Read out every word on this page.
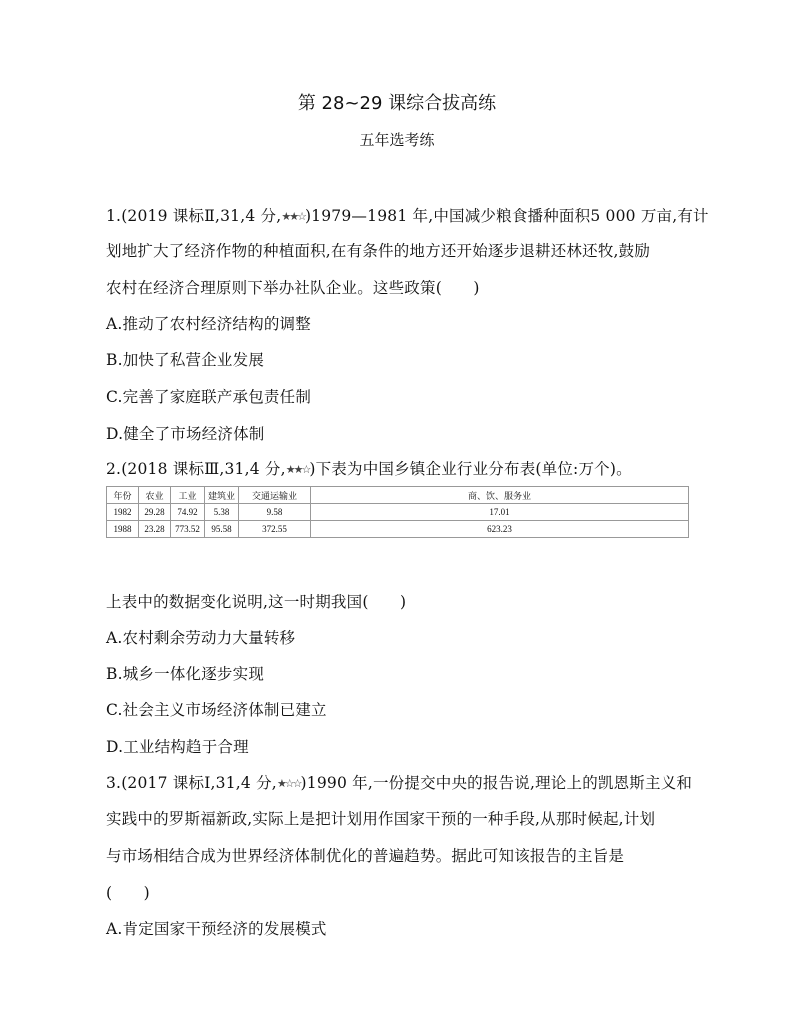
第 28~29 课综合拔高练
五年选考练
1.(2019 课标Ⅱ,31,4 分,★★☆)1979—1981 年,中国减少粮食播种面积5 000 万亩,有计
划地扩大了经济作物的种植面积,在有条件的地方还开始逐步退耕还林还牧,鼓励
农村在经济合理原则下举办社队企业。这些政策(　　)
A.推动了农村经济结构的调整
B.加快了私营企业发展
C.完善了家庭联产承包责任制
D.健全了市场经济体制
2.(2018 课标Ⅲ,31,4 分,★★☆)下表为中国乡镇企业行业分布表(单位:万个)。
年份	农业	工业	建筑业	交通运输业	商、饮、服务业
1982	29.28	74.92	5.38	9.58	17.01
1988	23.28	773.52	95.58	372.55	623.23
上表中的数据变化说明,这一时期我国(　　)
A.农村剩余劳动力大量转移
B.城乡一体化逐步实现
C.社会主义市场经济体制已建立
D.工业结构趋于合理
3.(2017 课标Ⅰ,31,4 分,★☆☆)1990 年,一份提交中央的报告说,理论上的凯恩斯主义和
实践中的罗斯福新政,实际上是把计划用作国家干预的一种手段,从那时候起,计划
与市场相结合成为世界经济体制优化的普遍趋势。据此可知该报告的主旨是
(　　)
A.肯定国家干预经济的发展模式
